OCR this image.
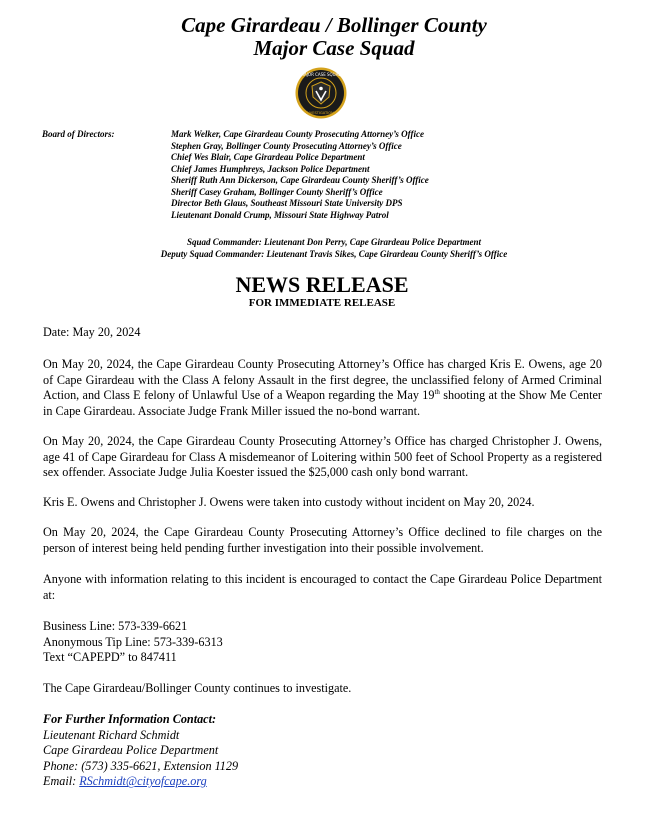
Cape Girardeau / Bollinger County
Major Case Squad
MAJOR CASE SQUAD
INVESTIGATIONS
Board of Directors:	Mark Welker, Cape Girardeau County Prosecuting Attorney’s Office
Stephen Gray, Bollinger County Prosecuting Attorney’s Office
Chief Wes Blair, Cape Girardeau Police Department
Chief James Humphreys, Jackson Police Department
Sheriff Ruth Ann Dickerson, Cape Girardeau County Sheriff’s Office
Sheriff Casey Graham, Bollinger County Sheriff’s Office
Director Beth Glaus, Southeast Missouri State University DPS
Lieutenant Donald Crump, Missouri State Highway Patrol
Squad Commander: Lieutenant Don Perry, Cape Girardeau Police Department
Deputy Squad Commander: Lieutenant Travis Sikes, Cape Girardeau County Sheriff’s Office
NEWS RELEASE
FOR IMMEDIATE RELEASE
Date: May 20, 2024
On May 20, 2024, the Cape Girardeau County Prosecuting Attorney’s Office has charged Kris E. Owens, age 20 of Cape Girardeau with the Class A felony Assault in the first degree, the unclassified felony of Armed Criminal Action, and Class E felony of Unlawful Use of a Weapon regarding the May 19th shooting at the Show Me Center in Cape Girardeau. Associate Judge Frank Miller issued the no-bond warrant.
On May 20, 2024, the Cape Girardeau County Prosecuting Attorney’s Office has charged Christopher J. Owens, age 41 of Cape Girardeau for Class A misdemeanor of Loitering within 500 feet of School Property as a registered sex offender. Associate Judge Julia Koester issued the $25,000 cash only bond warrant.
Kris E. Owens and Christopher J. Owens were taken into custody without incident on May 20, 2024.
On May 20, 2024, the Cape Girardeau County Prosecuting Attorney’s Office declined to file charges on the person of interest being held pending further investigation into their possible involvement.
Anyone with information relating to this incident is encouraged to contact the Cape Girardeau Police Department at:
Business Line: 573-339-6621
Anonymous Tip Line: 573-339-6313
Text “CAPEPD” to 847411
The Cape Girardeau/Bollinger County continues to investigate.
For Further Information Contact:
Lieutenant Richard Schmidt
Cape Girardeau Police Department
Phone: (573) 335-6621, Extension 1129
Email: RSchmidt@cityofcape.org
